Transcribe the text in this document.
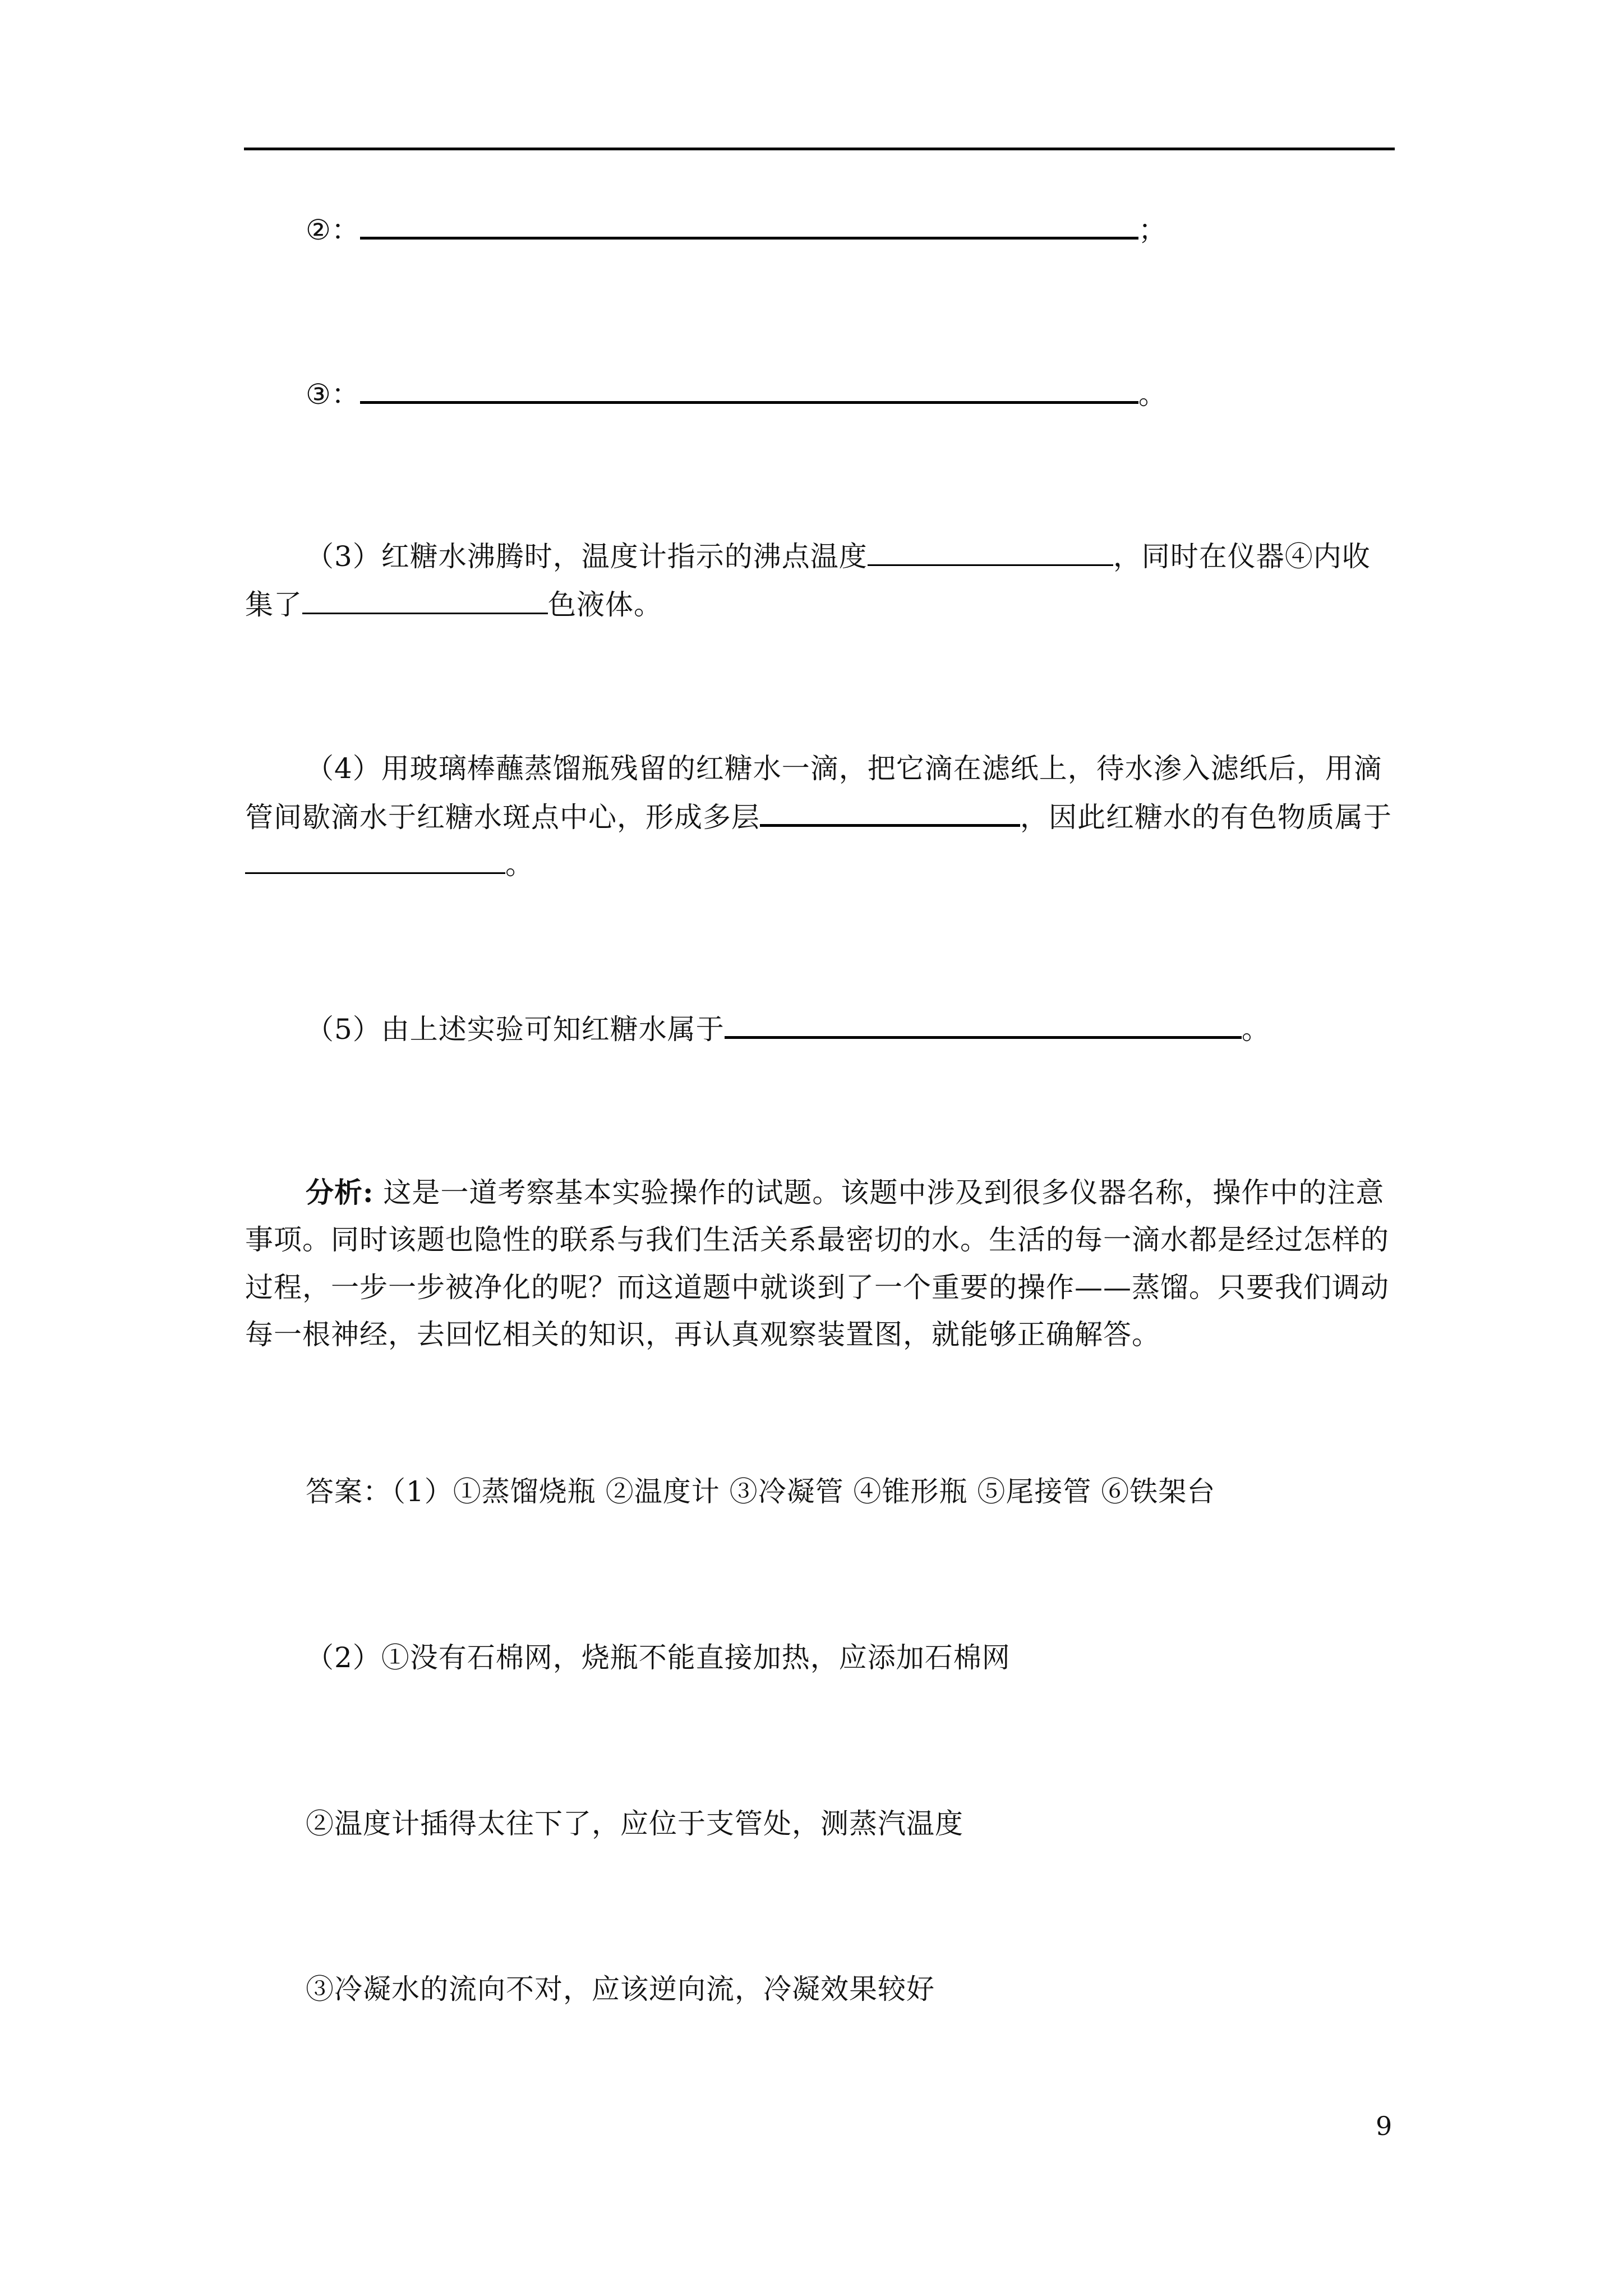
②：	；
③：	。
（3）红糖水沸腾时，温度计指示的沸点温度	，同时在仪器④内收
集了	色液体。
（4）用玻璃棒蘸蒸馏瓶残留的红糖水一滴，把它滴在滤纸上，待水渗入滤纸后，用滴
管间歇滴水于红糖水斑点中心，形成多层	，因此红糖水的有色物质属于
。
（5）由上述实验可知红糖水属于	。
分析: 这是一道考察基本实验操作的试题。该题中涉及到很多仪器名称，操作中的注意
事项。同时该题也隐性的联系与我们生活关系最密切的水。生活的每一滴水都是经过怎样的
过程，一步一步被净化的呢？而这道题中就谈到了一个重要的操作——蒸馏。只要我们调动
每一根神经，去回忆相关的知识，再认真观察装置图，就能够正确解答。
答案：（1）①蒸馏烧瓶 ②温度计 ③冷凝管 ④锥形瓶 ⑤尾接管 ⑥铁架台
（2）①没有石棉网，烧瓶不能直接加热，应添加石棉网
②温度计插得太往下了，应位于支管处，测蒸汽温度
③冷凝水的流向不对，应该逆向流，冷凝效果较好
9
